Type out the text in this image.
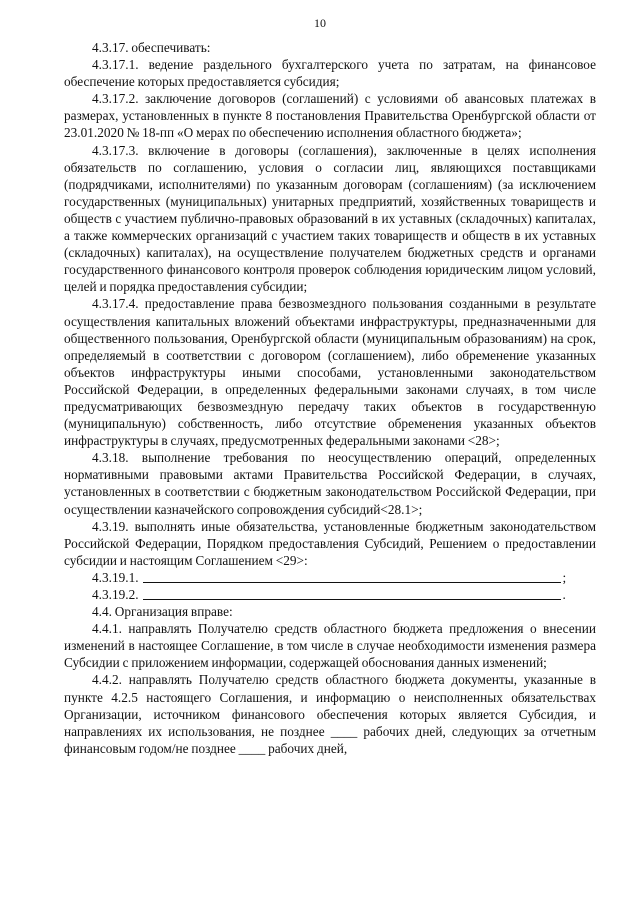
10

4.3.17. обеспечивать:

4.3.17.1. ведение раздельного бухгалтерского учета по затратам, на финансовое обеспечение которых предоставляется субсидия;

4.3.17.2. заключение договоров (соглашений) с условиями об авансовых платежах в размерах, установленных в пункте 8 постановления Правительства Оренбургской области от 23.01.2020 № 18-пп «О мерах по обеспечению исполнения областного бюджета»;

4.3.17.3. включение в договоры (соглашения), заключенные в целях исполнения обязательств по соглашению, условия о согласии лиц, являющихся поставщиками (подрядчиками, исполнителями) по указанным договорам (соглашениям) (за исключением государственных (муниципальных) унитарных предприятий, хозяйственных товариществ и обществ с участием публично-правовых образований в их уставных (складочных) капиталах, а также коммерческих организаций с участием таких товариществ и обществ в их уставных (складочных) капиталах), на осуществление получателем бюджетных средств и органами государственного финансового контроля проверок соблюдения юридическим лицом условий, целей и порядка предоставления субсидии;

4.3.17.4. предоставление права безвозмездного пользования созданными в результате осуществления капитальных вложений объектами инфраструктуры, предназначенными для общественного пользования, Оренбургской области (муниципальным образованиям) на срок, определяемый в соответствии с договором (соглашением), либо обременение указанных объектов инфраструктуры иными способами, установленными законодательством Российской Федерации, в определенных федеральными законами случаях, в том числе предусматривающих безвозмездную передачу таких объектов в государственную (муниципальную) собственность, либо отсутствие обременения указанных объектов инфраструктуры в случаях, предусмотренных федеральными законами <28>;

4.3.18. выполнение требования по неосуществлению операций, определенных нормативными правовыми актами Правительства Российской Федерации, в случаях, установленных в соответствии с бюджетным законодательством Российской Федерации, при осуществлении казначейского сопровождения субсидий<28.1>;

4.3.19. выполнять иные обязательства, установленные бюджетным законодательством Российской Федерации, Порядком предоставления Субсидий, Решением о предоставлении субсидии и настоящим Соглашением <29>:

4.3.19.1.	;
4.3.19.2.	.

4.4. Организация вправе:

4.4.1. направлять Получателю средств областного бюджета предложения о внесении изменений в настоящее Соглашение, в том числе в случае необходимости изменения размера Субсидии с приложением информации, содержащей обоснования данных изменений;

4.4.2. направлять Получателю средств областного бюджета документы, указанные в пункте 4.2.5 настоящего Соглашения, и информацию о неисполненных обязательствах Организации, источником финансового обеспечения которых является Субсидия, и направлениях их использования, не позднее ____ рабочих дней, следующих за отчетным финансовым годом/не позднее ____ рабочих дней,
